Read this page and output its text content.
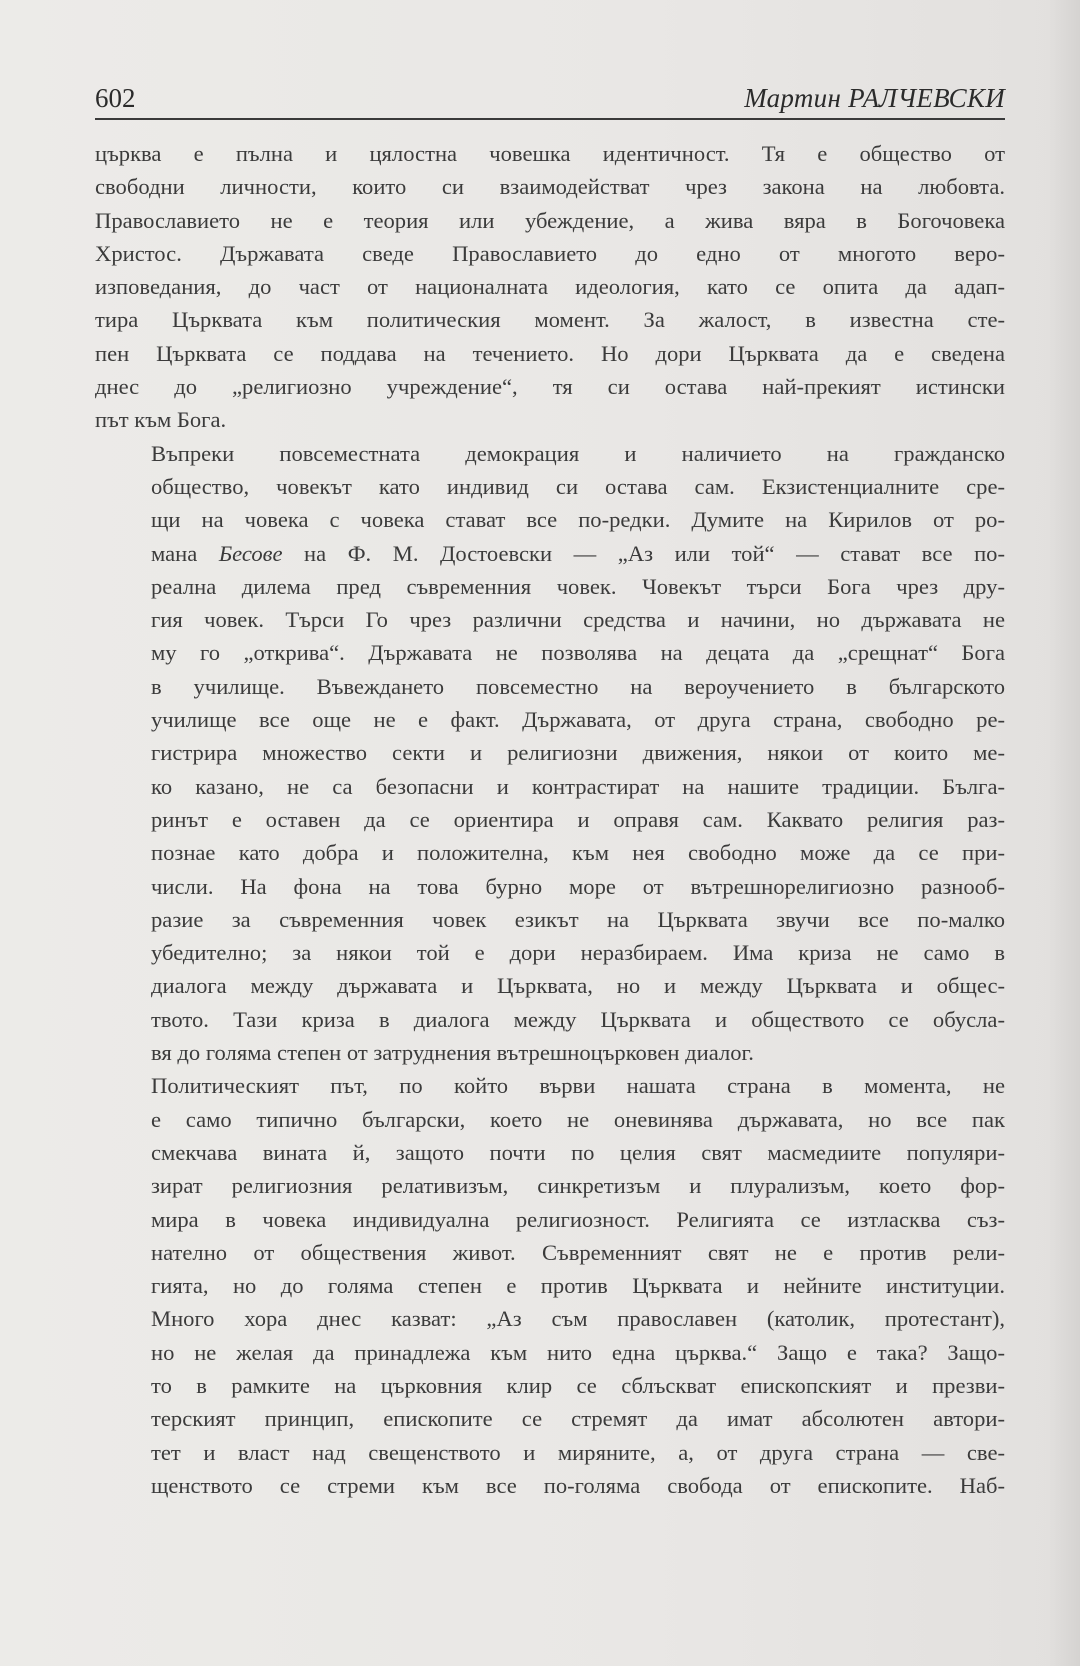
602	Мартин РАЛЧЕВСКИ
църква е пълна и цялостна човешка идентичност. Тя е общество от
свободни личности, които си взаимодействат чрез закона на любовта.
Православието не е теория или убеждение, а жива вяра в Богочовека
Христос. Държавата сведе Православието до едно от многото веро-
изповедания, до част от националната идеология, като се опита да адап-
тира Църквата към политическия момент. За жалост, в известна сте-
пен Църквата се поддава на течението. Но дори Църквата да е сведена
днес до „религиозно учреждение“, тя си остава най-прекият истински
път към Бога.
Въпреки повсеместната демокрация и наличието на гражданско
общество, човекът като индивид си остава сам. Екзистенциалните сре-
щи на човека с човека стават все по-редки. Думите на Кирилов от ро-
мана Бесове на Ф. М. Достоевски — „Аз или той“ — стават все по-
реална дилема пред съвременния човек. Човекът търси Бога чрез дру-
гия човек. Търси Го чрез различни средства и начини, но държавата не
му го „открива“. Държавата не позволява на децата да „срещнат“ Бога
в училище. Въвеждането повсеместно на вероучението в българското
училище все още не е факт. Държавата, от друга страна, свободно ре-
гистрира множество секти и религиозни движения, някои от които ме-
ко казано, не са безопасни и контрастират на нашите традиции. Бълга-
ринът е оставен да се ориентира и оправя сам. Каквато религия раз-
познае като добра и положителна, към нея свободно може да се при-
числи. На фона на това бурно море от вътрешнорелигиозно разнооб-
разие за съвременния човек езикът на Църквата звучи все по-малко
убедително; за някои той е дори неразбираем. Има криза не само в
диалога между държавата и Църквата, но и между Църквата и общес-
твото. Тази криза в диалога между Църквата и обществото се обусла-
вя до голяма степен от затруднения вътрешноцърковен диалог.
Политическият път, по който върви нашата страна в момента, не
е само типично български, което не оневинява държавата, но все пак
смекчава вината й, защото почти по целия свят масмедиите популяри-
зират религиозния релативизъм, синкретизъм и плурализъм, което фор-
мира в човека индивидуална религиозност. Религията се изтласква съз-
нателно от обществения живот. Съвременният свят не е против рели-
гията, но до голяма степен е против Църквата и нейните институции.
Много хора днес казват: „Аз съм православен (католик, протестант),
но не желая да принадлежа към нито една църква.“ Защо е така? Защо-
то в рамките на църковния клир се сблъскват епископският и презви-
терският принцип, епископите се стремят да имат абсолютен автори-
тет и власт над свещенството и миряните, а, от друга страна — све-
щенството се стреми към все по-голяма свобода от епископите. Наб-
